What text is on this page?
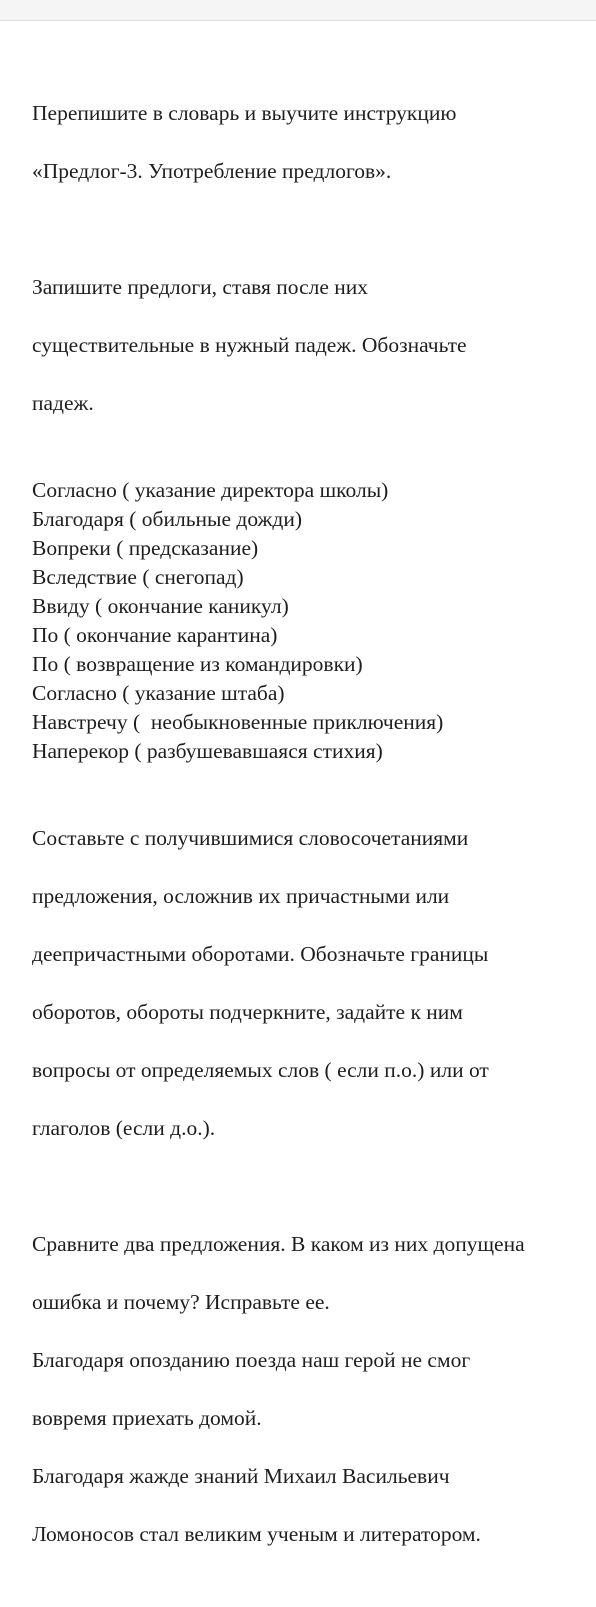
Перепишите в словарь и выучите инструкцию

«Предлог-3. Употребление предлогов».

Запишите предлоги, ставя после них

существительные в нужный падеж. Обозначьте

падеж.

Согласно ( указание директора школы)
Благодаря ( обильные дожди)
Вопреки ( предсказание)
Вследствие ( снегопад)
Ввиду ( окончание каникул)
По ( окончание карантина)
По ( возвращение из командировки)
Согласно ( указание штаба)
Навстречу (  необыкновенные приключения)
Наперекор ( разбушевавшаяся стихия)

Составьте с получившимися словосочетаниями

предложения, осложнив их причастными или

деепричастными оборотами. Обозначьте границы

оборотов, обороты подчеркните, задайте к ним

вопросы от определяемых слов ( если п.о.) или от

глаголов (если д.о.).

Сравните два предложения. В каком из них допущена

ошибка и почему? Исправьте ее.

Благодаря опозданию поезда наш герой не смог

вовремя приехать домой.

Благодаря жажде знаний Михаил Васильевич

Ломоносов стал великим ученым и литератором.
